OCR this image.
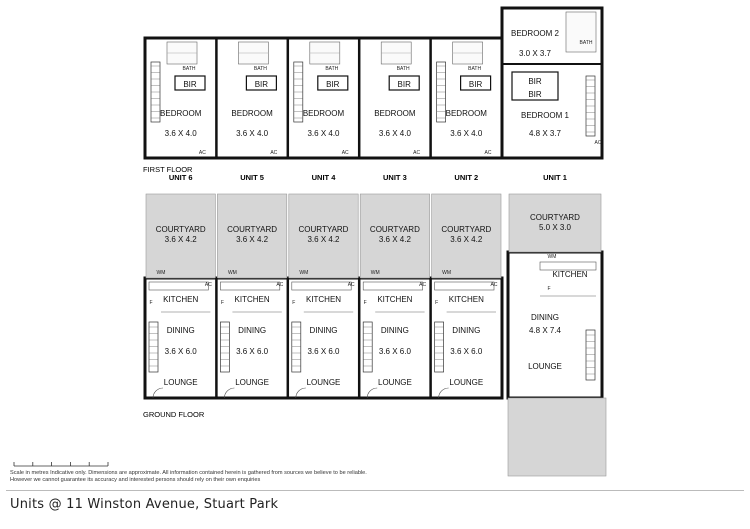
FIRST FLOOR
GROUND FLOOR
BATH
BIR
BEDROOM
3.6 X 4.0
AC
UNIT 6
COURTYARD
3.6 X 4.2
WM
AC
F KITCHEN
DINING
3.6 X 6.0
LOUNGE
BATH
BIR
BEDROOM
3.6 X 4.0
AC
UNIT 5
COURTYARD
3.6 X 4.2
WM
AC
F KITCHEN
DINING
3.6 X 6.0
LOUNGE
BATH
BIR
BEDROOM
3.6 X 4.0
AC
UNIT 4
COURTYARD
3.6 X 4.2
WM
AC
F KITCHEN
DINING
3.6 X 6.0
LOUNGE
BATH
BIR
BEDROOM
3.6 X 4.0
AC
UNIT 3
COURTYARD
3.6 X 4.2
WM
AC
F KITCHEN
DINING
3.6 X 6.0
LOUNGE
BATH
BIR
BEDROOM
3.6 X 4.0
AC
UNIT 2
COURTYARD
3.6 X 4.2
WM
AC
F KITCHEN
DINING
3.6 X 6.0
LOUNGE
BATH
BEDROOM 2
3.0 X 3.7
BIR
BIR
BEDROOM 1
4.8 X 3.7
AC
UNIT 1
COURTYARD
5.0 X 3.0
WM
KITCHEN
F
DINING
4.8 X 7.4
LOUNGE
Scale in metres Indicative only. Dimensions are approximate. All information contained herein is gathered from sources we believe to be reliable. However we cannot guarantee its accuracy and interested persons should rely on their own enquiries
Units @ 11 Winston Avenue, Stuart Park
